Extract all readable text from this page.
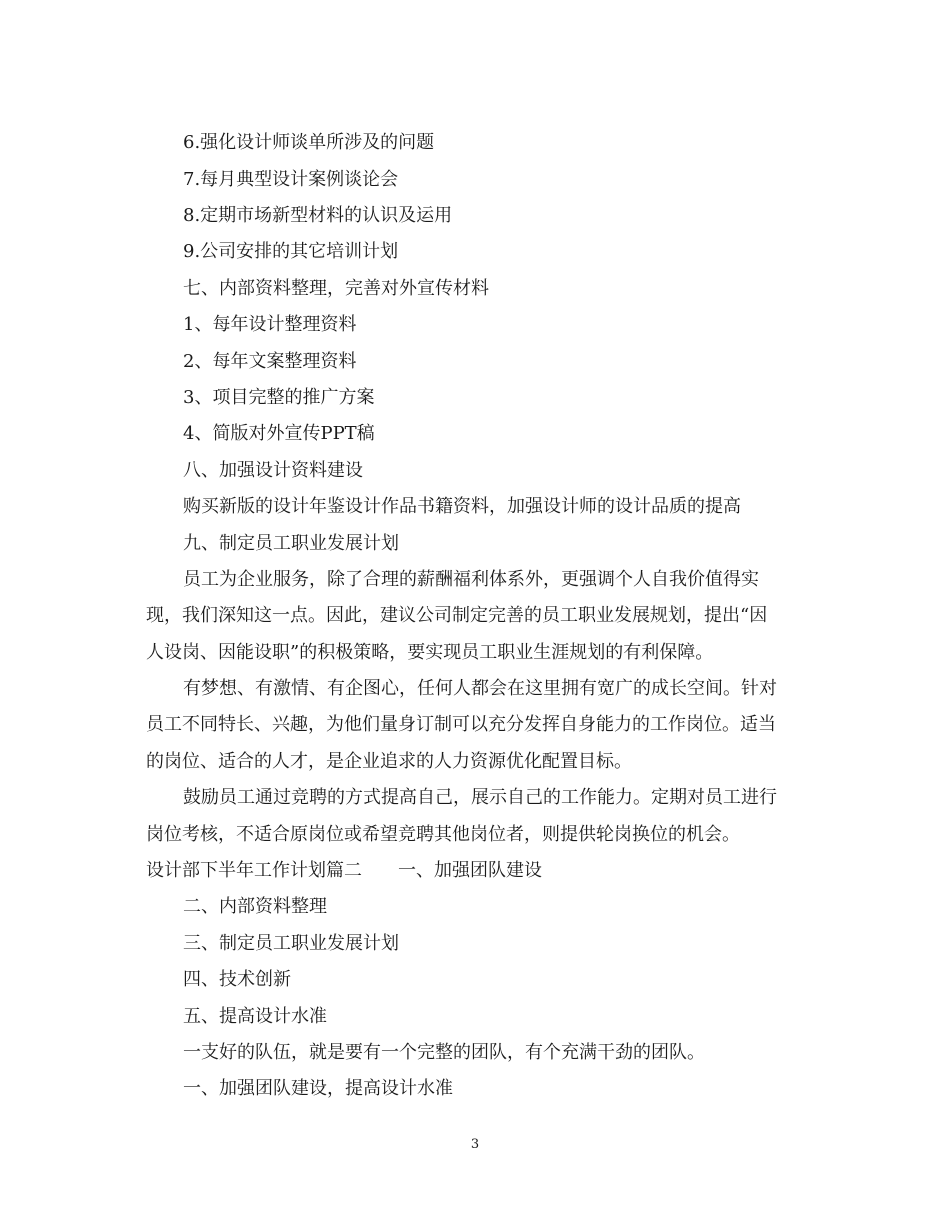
6.强化设计师谈单所涉及的问题
7.每月典型设计案例谈论会
8.定期市场新型材料的认识及运用
9.公司安排的其它培训计划
七、内部资料整理，完善对外宣传材料
1、每年设计整理资料
2、每年文案整理资料
3、项目完整的推广方案
4、简版对外宣传PPT稿
八、加强设计资料建设
购买新版的设计年鉴设计作品书籍资料，加强设计师的设计品质的提高
九、制定员工职业发展计划
员工为企业服务，除了合理的薪酬福利体系外，更强调个人自我价值得实
现，我们深知这一点。因此，建议公司制定完善的员工职业发展规划，提出“因
人设岗、因能设职”的积极策略，要实现员工职业生涯规划的有利保障。
有梦想、有激情、有企图心，任何人都会在这里拥有宽广的成长空间。针对
员工不同特长、兴趣，为他们量身订制可以充分发挥自身能力的工作岗位。适当
的岗位、适合的人才，是企业追求的人力资源优化配置目标。
鼓励员工通过竞聘的方式提高自己，展示自己的工作能力。定期对员工进行
岗位考核，不适合原岗位或希望竞聘其他岗位者，则提供轮岗换位的机会。
设计部下半年工作计划篇二　　一、加强团队建设
二、内部资料整理
三、制定员工职业发展计划
四、技术创新
五、提高设计水准
一支好的队伍，就是要有一个完整的团队，有个充满干劲的团队。
一、加强团队建设，提高设计水准
3
